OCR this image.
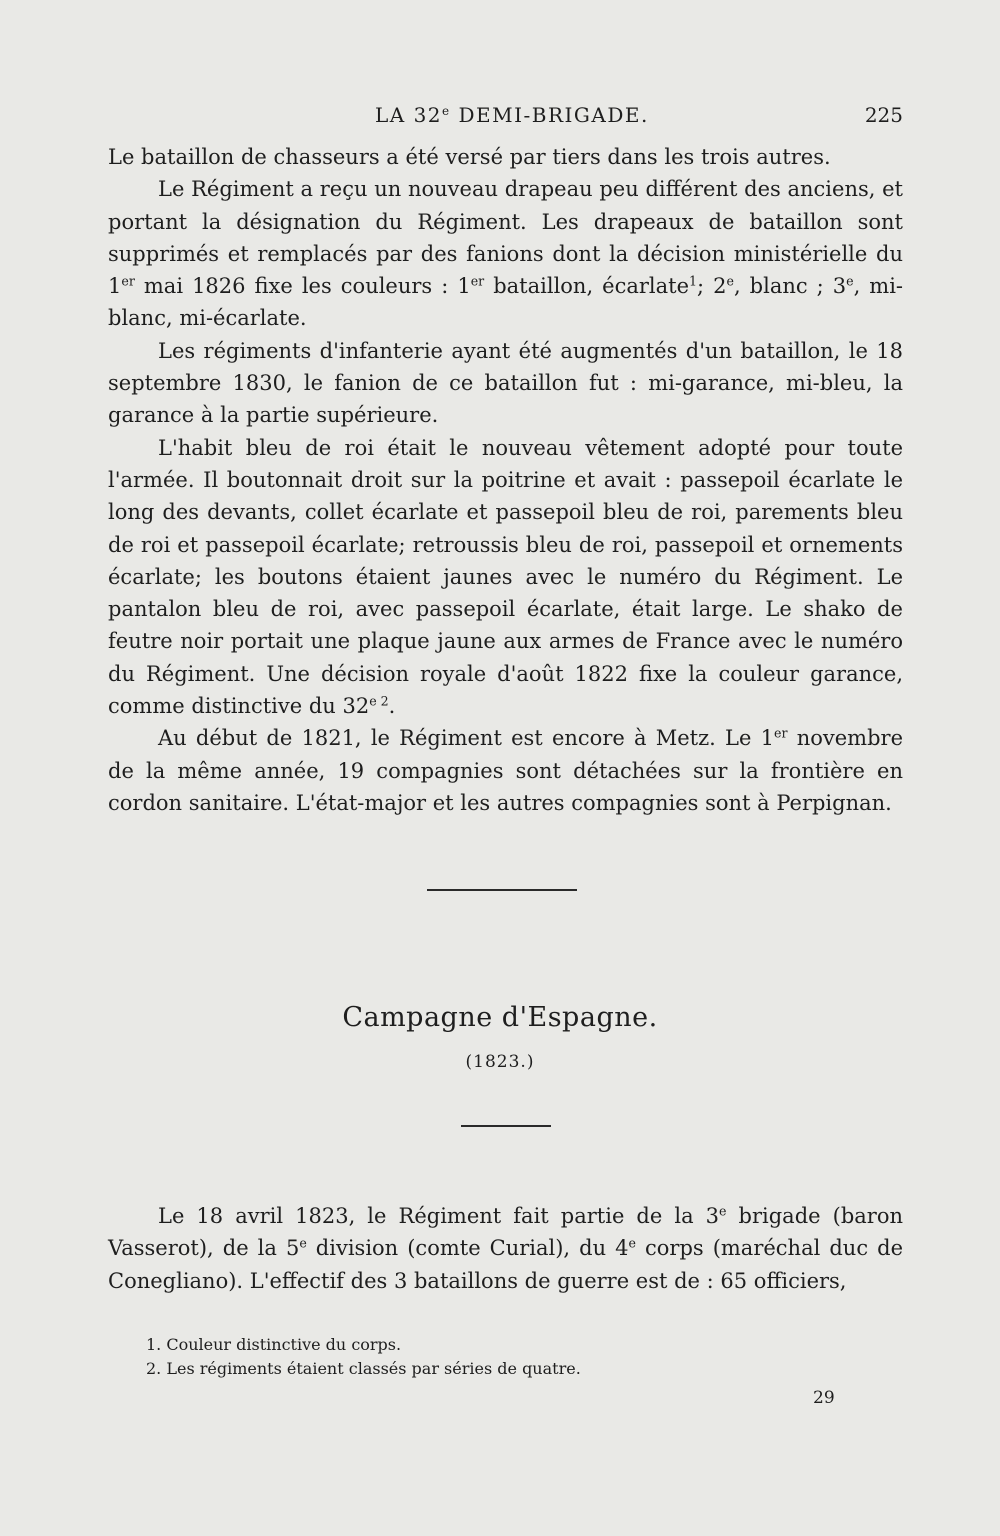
LA 32e DEMI-BRIGADE.	225

Le bataillon de chasseurs a été versé par tiers dans les trois autres.

Le Régiment a reçu un nouveau drapeau peu différent des anciens, et portant la désignation du Régiment. Les drapeaux de bataillon sont supprimés et remplacés par des fanions dont la décision ministérielle du 1er mai 1826 fixe les couleurs : 1er bataillon, écarlate$^1$; 2e, blanc ; 3e, mi-blanc, mi-écarlate.

Les régiments d'infanterie ayant été augmentés d'un bataillon, le 18 septembre 1830, le fanion de ce bataillon fut : mi-garance, mi-bleu, la garance à la partie supérieure.

L'habit bleu de roi était le nouveau vêtement adopté pour toute l'armée. Il boutonnait droit sur la poitrine et avait : passepoil écarlate le long des devants, collet écarlate et passepoil bleu de roi, parements bleu de roi et passepoil écarlate; retroussis bleu de roi, passepoil et ornements écarlate; les boutons étaient jaunes avec le numéro du Régiment. Le pantalon bleu de roi, avec passepoil écarlate, était large. Le shako de feutre noir portait une plaque jaune aux armes de France avec le numéro du Régiment. Une décision royale d'août 1822 fixe la couleur garance, comme distinctive du $32^{e 2}$.

Au début de 1821, le Régiment est encore à Metz. Le 1er novembre de la même année, 19 compagnies sont détachées sur la frontière en cordon sanitaire. L'état-major et les autres compagnies sont à Perpignan.

Campagne d'Espagne.
(1823.)

Le 18 avril 1823, le Régiment fait partie de la 3e brigade (baron Vasserot), de la 5e division (comte Curial), du 4e corps (maréchal duc de Conegliano). L'effectif des 3 bataillons de guerre est de : 65 officiers,

1. Couleur distinctive du corps.
2. Les régiments étaient classés par séries de quatre.
29
